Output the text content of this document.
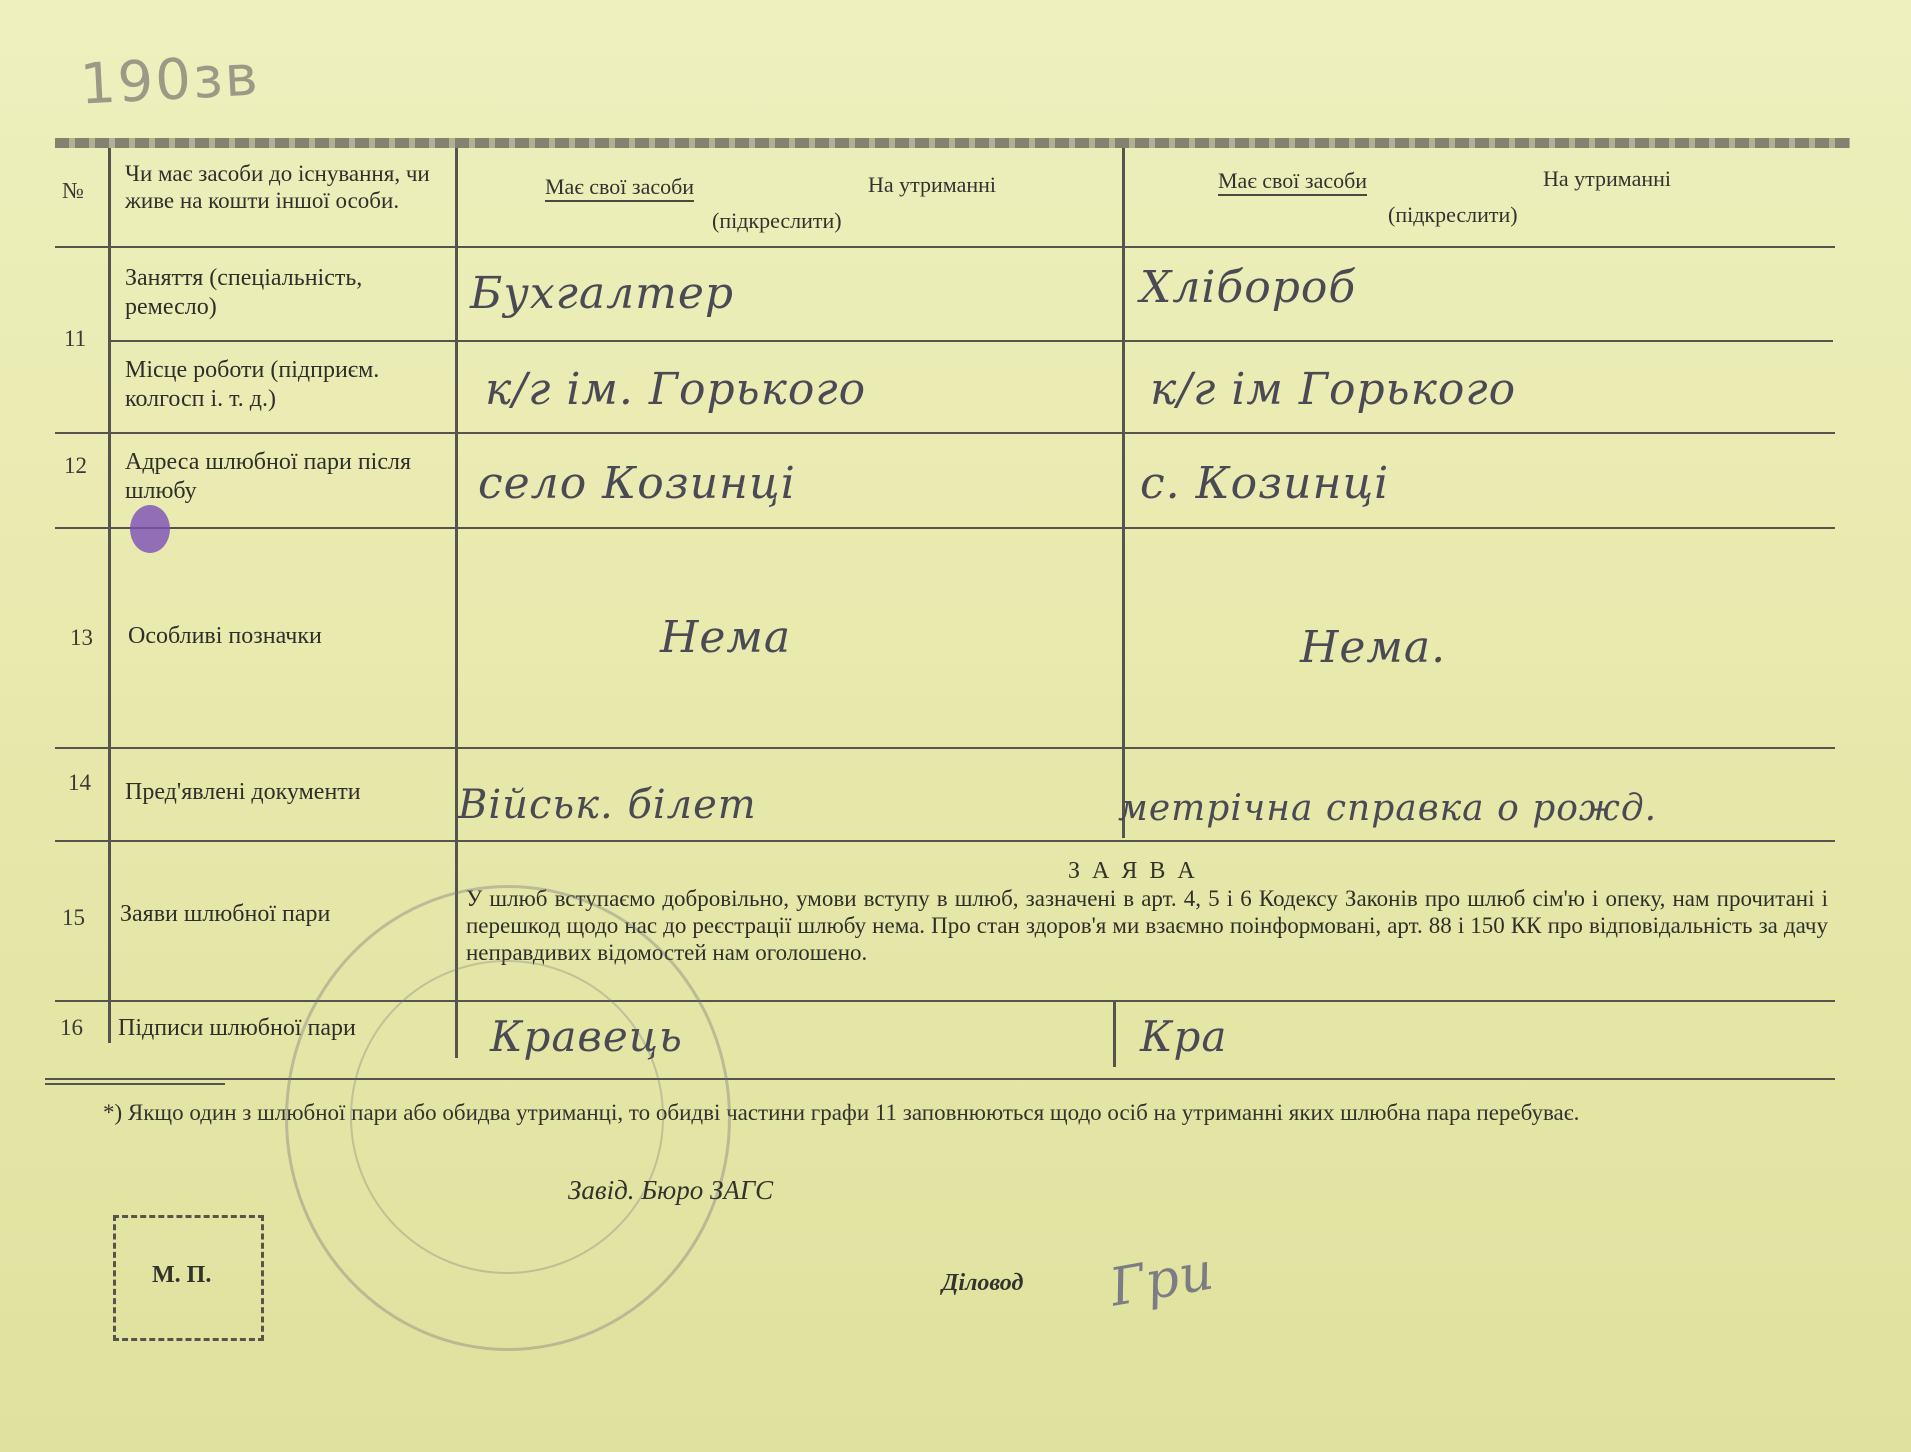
190зв
№
Чи має засоби до існування, чи живе на кошти іншої особи.
Має свої засоби	На утриманні
(підкреслити)
Має свої засоби	На утриманні
(підкреслити)
11
Заняття (спеціальність, ремесло)	Бухгалтер	Хлібороб
Місце роботи (підприєм. колгосп і. т. д.)	к/г ім. Горького	к/г ім Горького
12 Адреса шлюбної пари після шлюбу	село Козинці	с. Козинці
13 Особливі позначки	Нема	Нема.
14 Пред'явлені документи	Військ. білет	метрічна справка о рожд.
15 Заяви шлюбної пари
З А Я В А
У шлюб вступаємо добровільно, умови вступу в шлюб, зазначені в арт. 4, 5 і 6 Кодексу Законів про шлюб сім'ю і опеку, нам прочитані і перешкод щодо нас до реєстрації шлюбу нема. Про стан здоров'я ми взаємно поінформовані, арт. 88 і 150 КК про відповідальність за дачу неправдивих відомостей нам оголошено.
16 Підписи шлюбної пари	Кравець	Кра
*) Якщо один з шлюбної пари або обидва утриманці, то обидві частини графи 11 заповнюються щодо осіб на утриманні яких шлюбна пара перебуває.
Завід. Бюро ЗАГС
М. П.	Діловод Гри
